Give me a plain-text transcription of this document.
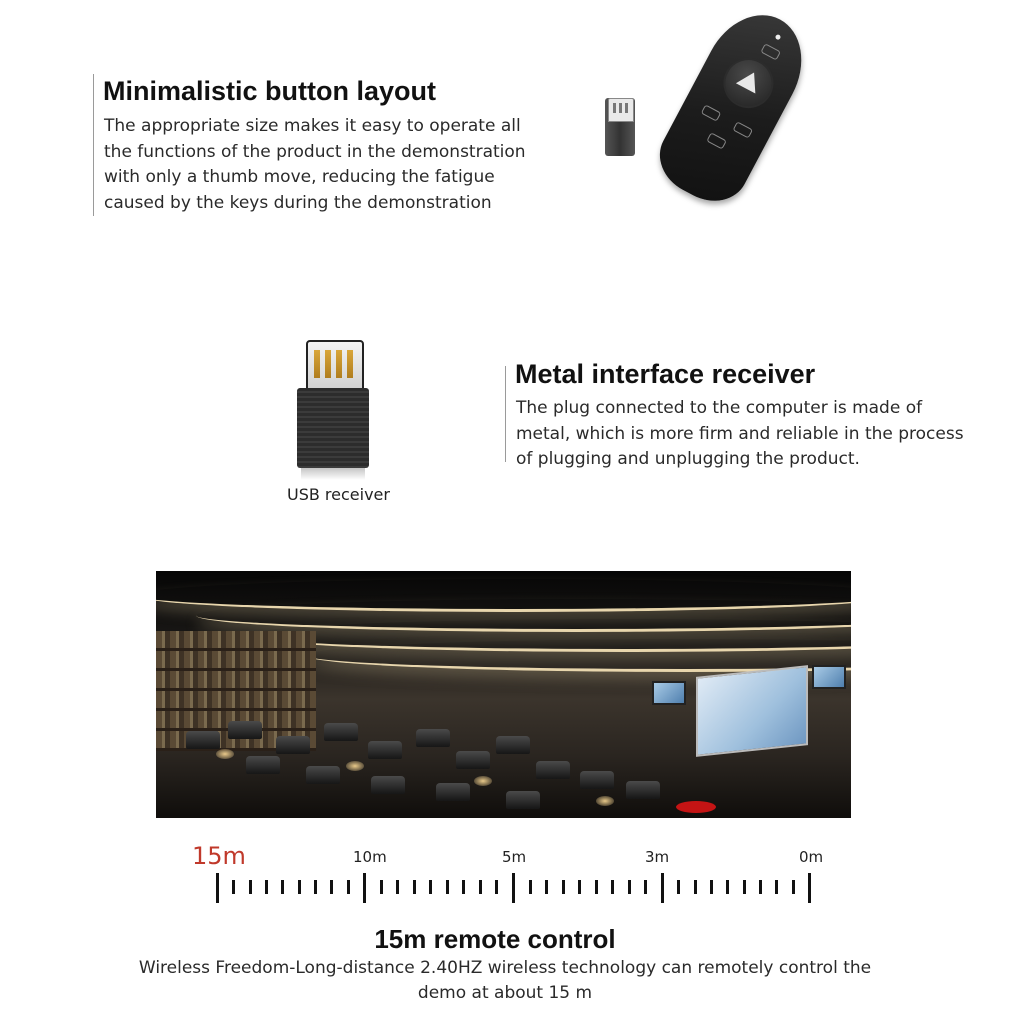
Minimalistic button layout
The appropriate size makes it easy to operate all
the functions of the product in the demonstration
with only a thumb move, reducing the fatigue
caused by the keys during the demonstration
USB receiver
Metal interface receiver
The plug connected to the computer is made of
metal, which is more firm and reliable in the process
of plugging and unplugging the product.
15m	10m	5m	3m	0m
15m remote control
Wireless Freedom-Long-distance 2.40HZ wireless technology can remotely control the
demo at about 15 m
